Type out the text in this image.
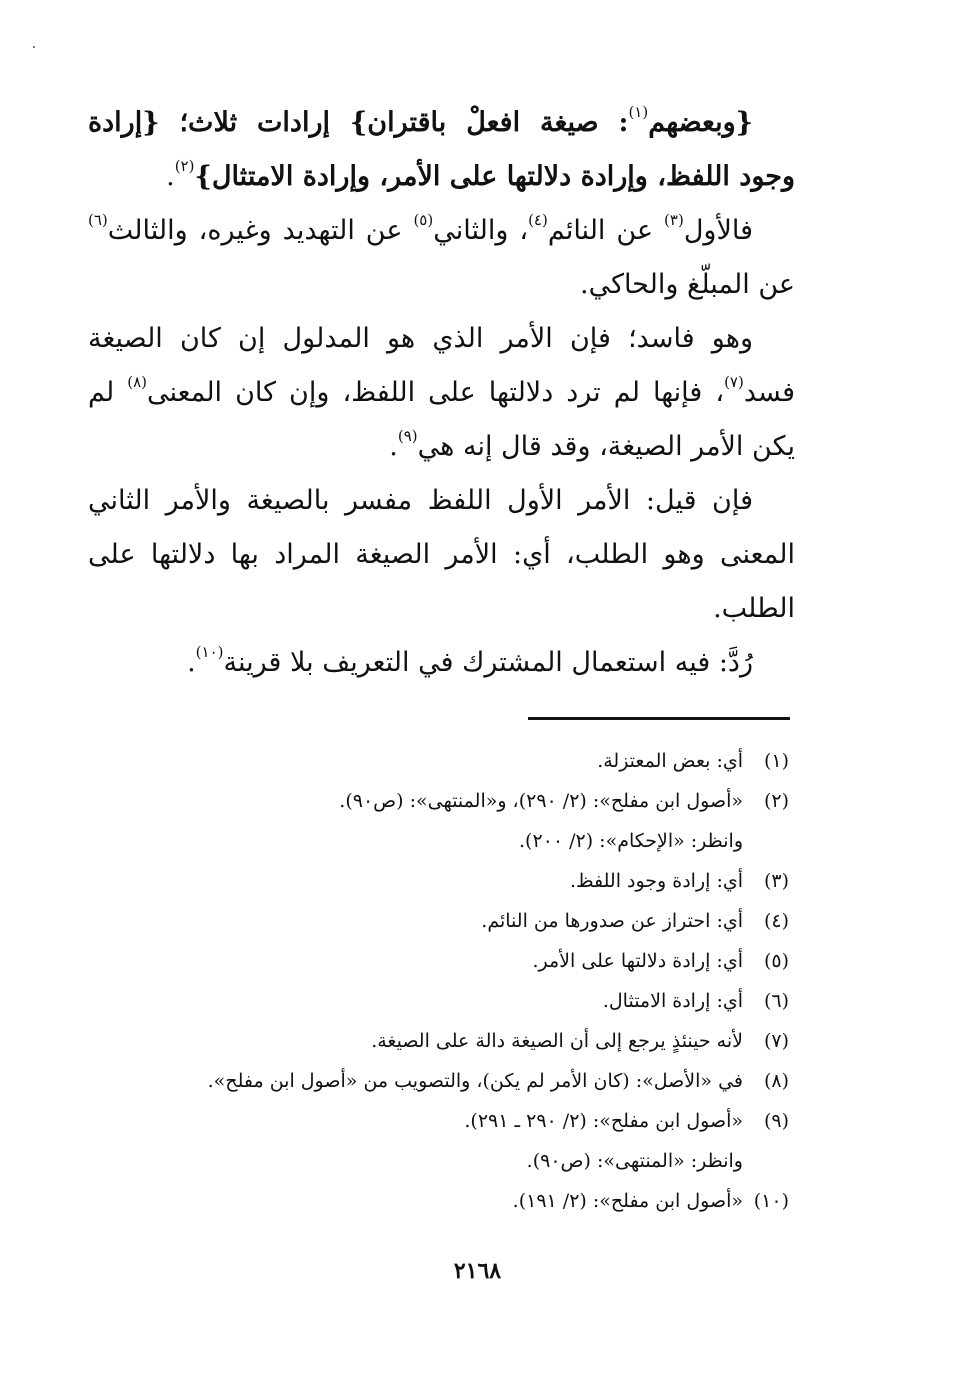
{وبعضهم$^{(١)}$: صيغة افعلْ باقتران} إرادات ثلاث؛ {إرادة وجود اللفظ، وإرادة دلالتها على الأمر، وإرادة الامتثال}$^{(٢)}$.

فالأول$^{(٣)}$ عن النائم$^{(٤)}$، والثاني$^{(٥)}$ عن التهديد وغيره، والثالث$^{(٦)}$ عن المبلّغ والحاكي.

وهو فاسد؛ فإن الأمر الذي هو المدلول إن كان الصيغة فسد$^{(٧)}$، فإنها لم ترد دلالتها على اللفظ، وإن كان المعنى$^{(٨)}$ لم يكن الأمر الصيغة، وقد قال إنه هي$^{(٩)}$.

فإن قيل: الأمر الأول اللفظ مفسر بالصيغة والأمر الثاني المعنى وهو الطلب، أي: الأمر الصيغة المراد بها دلالتها على الطلب.

رُدَّ: فيه استعمال المشترك في التعريف بلا قرينة$^{(١٠)}$.

(١)
أي: بعض المعتزلة.
(٢)
«أصول ابن مفلح»: (٢/ ٢٩٠)، و«المنتهى»: (ص٩٠).
وانظر: «الإحكام»: (٢/ ٢٠٠).
(٣)
أي: إرادة وجود اللفظ.
(٤)
أي: احتراز عن صدورها من النائم.
(٥)
أي: إرادة دلالتها على الأمر.
(٦)
أي: إرادة الامتثال.
(٧)
لأنه حينئذٍ يرجع إلى أن الصيغة دالة على الصيغة.
(٨)
في «الأصل»: (كان الأمر لم يكن)، والتصويب من «أصول ابن مفلح».
(٩)
«أصول ابن مفلح»: (٢/ ٢٩٠ ـ ٢٩١).
وانظر: «المنتهى»: (ص٩٠).
(١٠)
«أصول ابن مفلح»: (٢/ ١٩١).
٢١٦٨
